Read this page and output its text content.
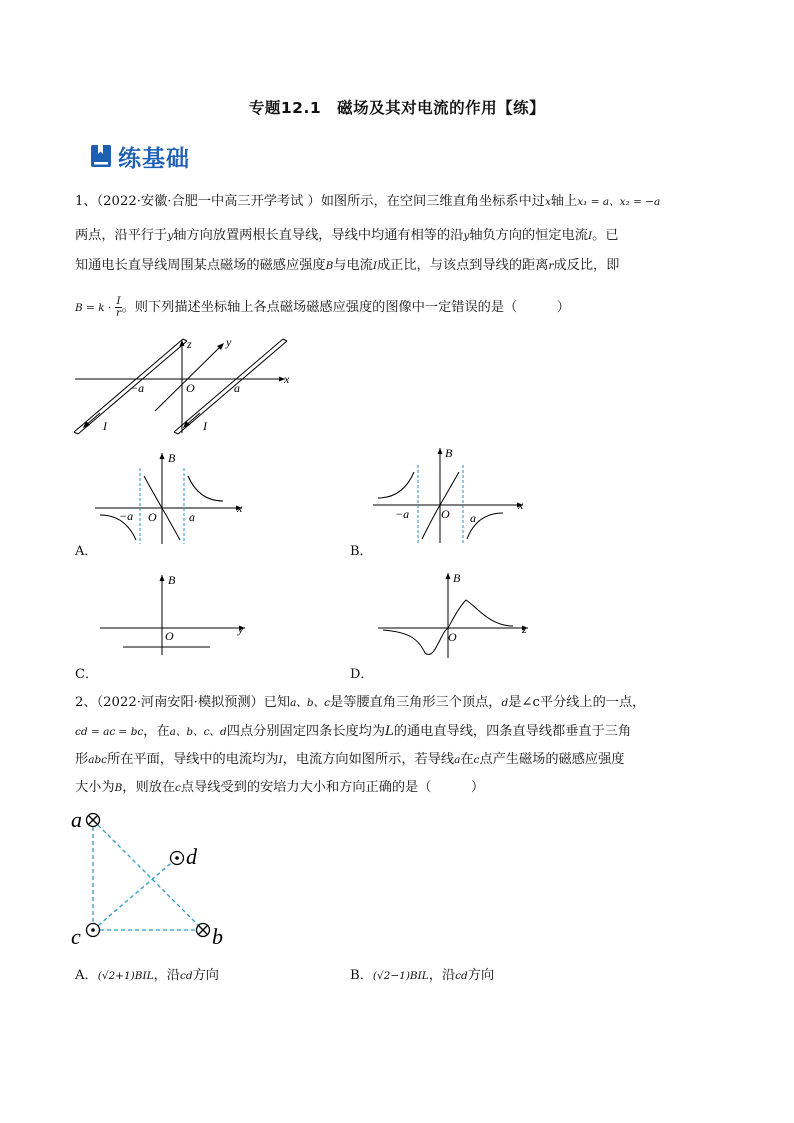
专题12.1　磁场及其对电流的作用【练】
练基础
1、（2022·安徽·合肥一中高三开学考试 ）如图所示，在空间三维直角坐标系中过x轴上x₁ = a、x₂ = −a
两点，沿平行于y轴方向放置两根长直导线，导线中均通有相等的沿y轴负方向的恒定电流I。已
知通电长直导线周围某点磁场的磁感应强度B与电流I成正比，与该点到导线的距离r成反比，即
$B = k \cdot \frac{I}{r}$ 。则下列描述坐标轴上各点磁场磁感应强度的图像中一定错误的是（　　　）
z	y
x
−a	O	a
I	I
B
−a O	a
x
A．
B
−a	O a
x
B．
B
O	y
C．
B
O
z
D．
2、（2022·河南安阳·模拟预测）已知a、b、c是等腰直角三角形三个顶点，d是∠c平分线上的一点，
cd = ac = bc，在a、b、c、d四点分别固定四条长度均为L的通电直导线，四条直导线都垂直于三角
形abc所在平面，导线中的电流均为I，电流方向如图所示，若导线a在c点产生磁场的磁感应强度
大小为B，则放在c点导线受到的安培力大小和方向正确的是（　　　）
a
d
c	b
A．(√2+1)BIL，沿cd方向	B．(√2−1)BIL，沿cd方向
